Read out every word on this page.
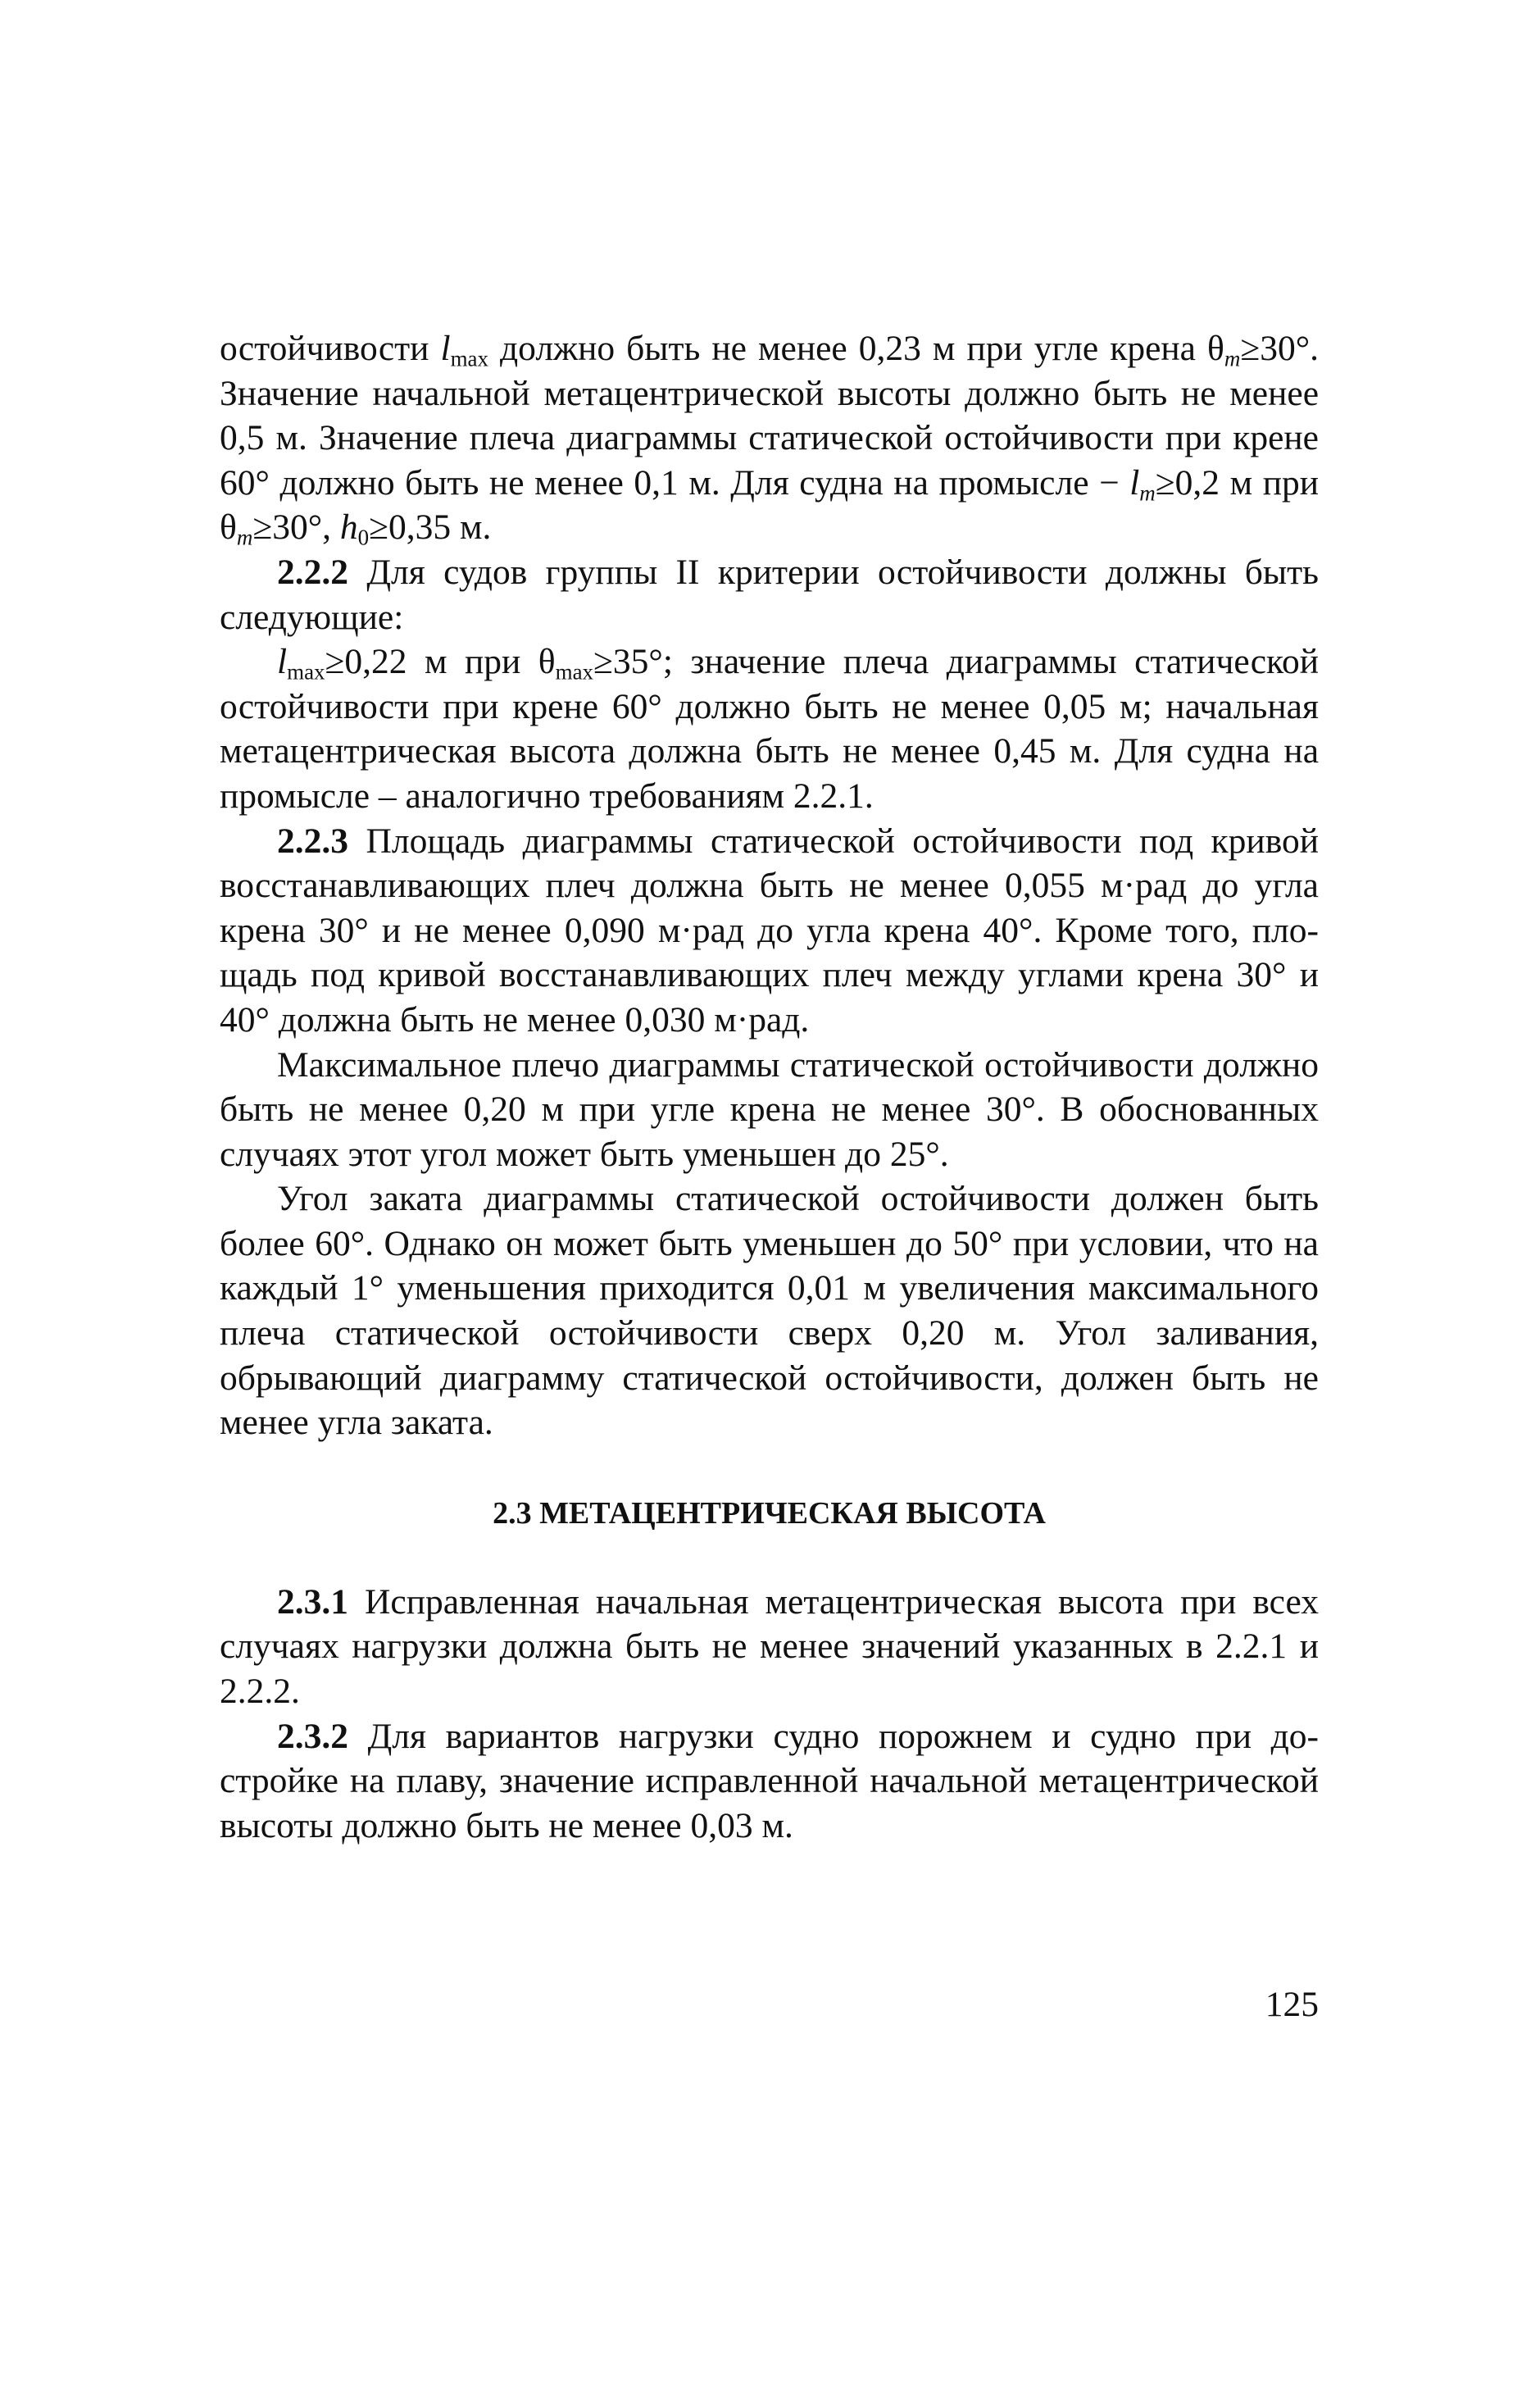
остойчивости $l_{max}$ должно быть не менее 0,23 м при угле крена $\theta_m\ge 30^\circ$. Значение начальной метацентрической высоты должно быть не менее 0,5 м. Значение плеча диаграммы статической остойчивости при крене 60° должно быть не менее 0,1 м. Для судна на промысле − $l_m\ge 0,2$ м при $\theta_m\ge 30^\circ$, $h_0\ge 0,35$ м.

2.2.2 Для судов группы II критерии остойчивости должны быть следующие:

$l_{max}\ge 0,22$ м при $\theta_{max}\ge 35^\circ$; значение плеча диаграммы статической остойчивости при крене 60° должно быть не менее 0,05 м; начальная метацентрическая высота должна быть не менее 0,45 м. Для судна на промысле – аналогично требованиям 2.2.1.

2.2.3 Площадь диаграммы статической остойчивости под кривой восстанавливающих плеч должна быть не менее 0,055 м·рад до угла крена 30° и не менее 0,090 м·рад до угла крена 40°. Кроме того, площадь под кривой восстанавливающих плеч между углами крена 30° и 40° должна быть не менее 0,030 м·рад.

Максимальное плечо диаграммы статической остойчивости должно быть не менее 0,20 м при угле крена не менее 30°. В обоснованных случаях этот угол может быть уменьшен до 25°.

Угол заката диаграммы статической остойчивости должен быть более 60°. Однако он может быть уменьшен до 50° при условии, что на каждый 1° уменьшения приходится 0,01 м увеличения максимального плеча статической остойчивости сверх 0,20 м. Угол заливания, обрывающий диаграмму статической остойчивости, должен быть не менее угла заката.

2.3 МЕТАЦЕНТРИЧЕСКАЯ ВЫСОТА

2.3.1 Исправленная начальная метацентрическая высота при всех случаях нагрузки должна быть не менее значений указанных в 2.2.1 и 2.2.2.

2.3.2 Для вариантов нагрузки судно порожнем и судно при достройке на плаву, значение исправленной начальной метацентрической высоты должно быть не менее 0,03 м.

125
